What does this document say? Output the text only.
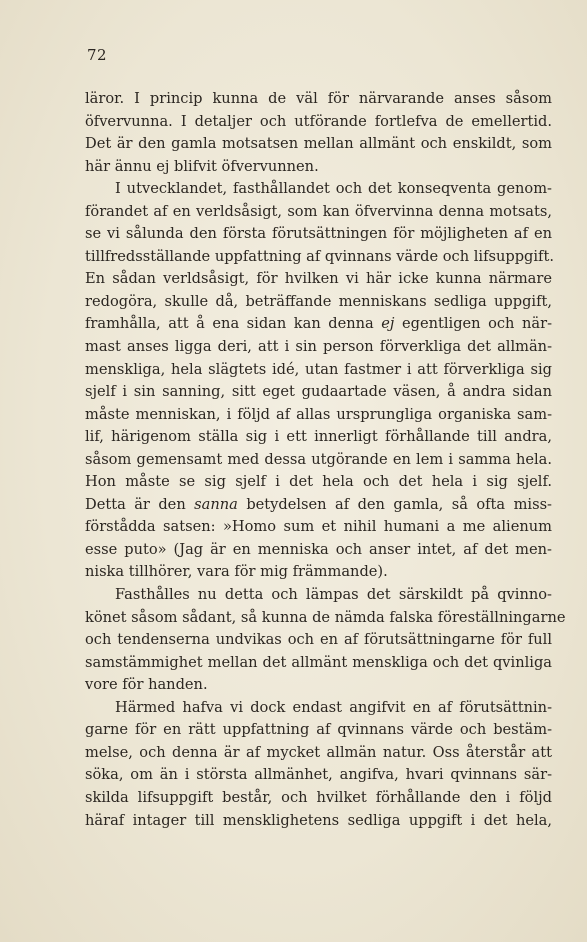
72
läror. I princip kunna de väl för närvarande anses såsom
öfvervunna. I detaljer och utförande fortlefva de emellertid.
Det är den gamla motsatsen mellan allmänt och enskildt, som
här ännu ej blifvit öfvervunnen.
I utvecklandet, fasthållandet och det konseqventa genom-
förandet af en verldsåsigt, som kan öfvervinna denna motsats,
se vi sålunda den första förutsättningen för möjligheten af en
tillfredsställande uppfattning af qvinnans värde och lifsuppgift.
En sådan verldsåsigt, för hvilken vi här icke kunna närmare
redogöra, skulle då, beträffande menniskans sedliga uppgift,
framhålla, att å ena sidan kan denna ej egentligen och när-
mast anses ligga deri, att i sin person förverkliga det allmän-
menskliga, hela slägtets idé, utan fastmer i att förverkliga sig
sjelf i sin sanning, sitt eget gudaartade väsen, å andra sidan
måste menniskan, i följd af allas ursprungliga organiska sam-
lif, härigenom ställa sig i ett innerligt förhållande till andra,
såsom gemensamt med dessa utgörande en lem i samma hela.
Hon måste se sig sjelf i det hela och det hela i sig sjelf.
Detta är den sanna betydelsen af den gamla, så ofta miss-
förstådda satsen: »Homo sum et nihil humani a me alienum
esse puto» (Jag är en menniska och anser intet, af det men-
niska tillhörer, vara för mig främmande).
Fasthålles nu detta och lämpas det särskildt på qvinno-
könet såsom sådant, så kunna de nämda falska föreställningarne
och tendenserna undvikas och en af förutsättningarne för full
samstämmighet mellan det allmänt menskliga och det qvinliga
vore för handen.
Härmed hafva vi dock endast angifvit en af förutsättnin-
garne för en rätt uppfattning af qvinnans värde och bestäm-
melse, och denna är af mycket allmän natur. Oss återstår att
söka, om än i största allmänhet, angifva, hvari qvinnans sär-
skilda lifsuppgift består, och hvilket förhållande den i följd
häraf intager till mensklighetens sedliga uppgift i det hela,
